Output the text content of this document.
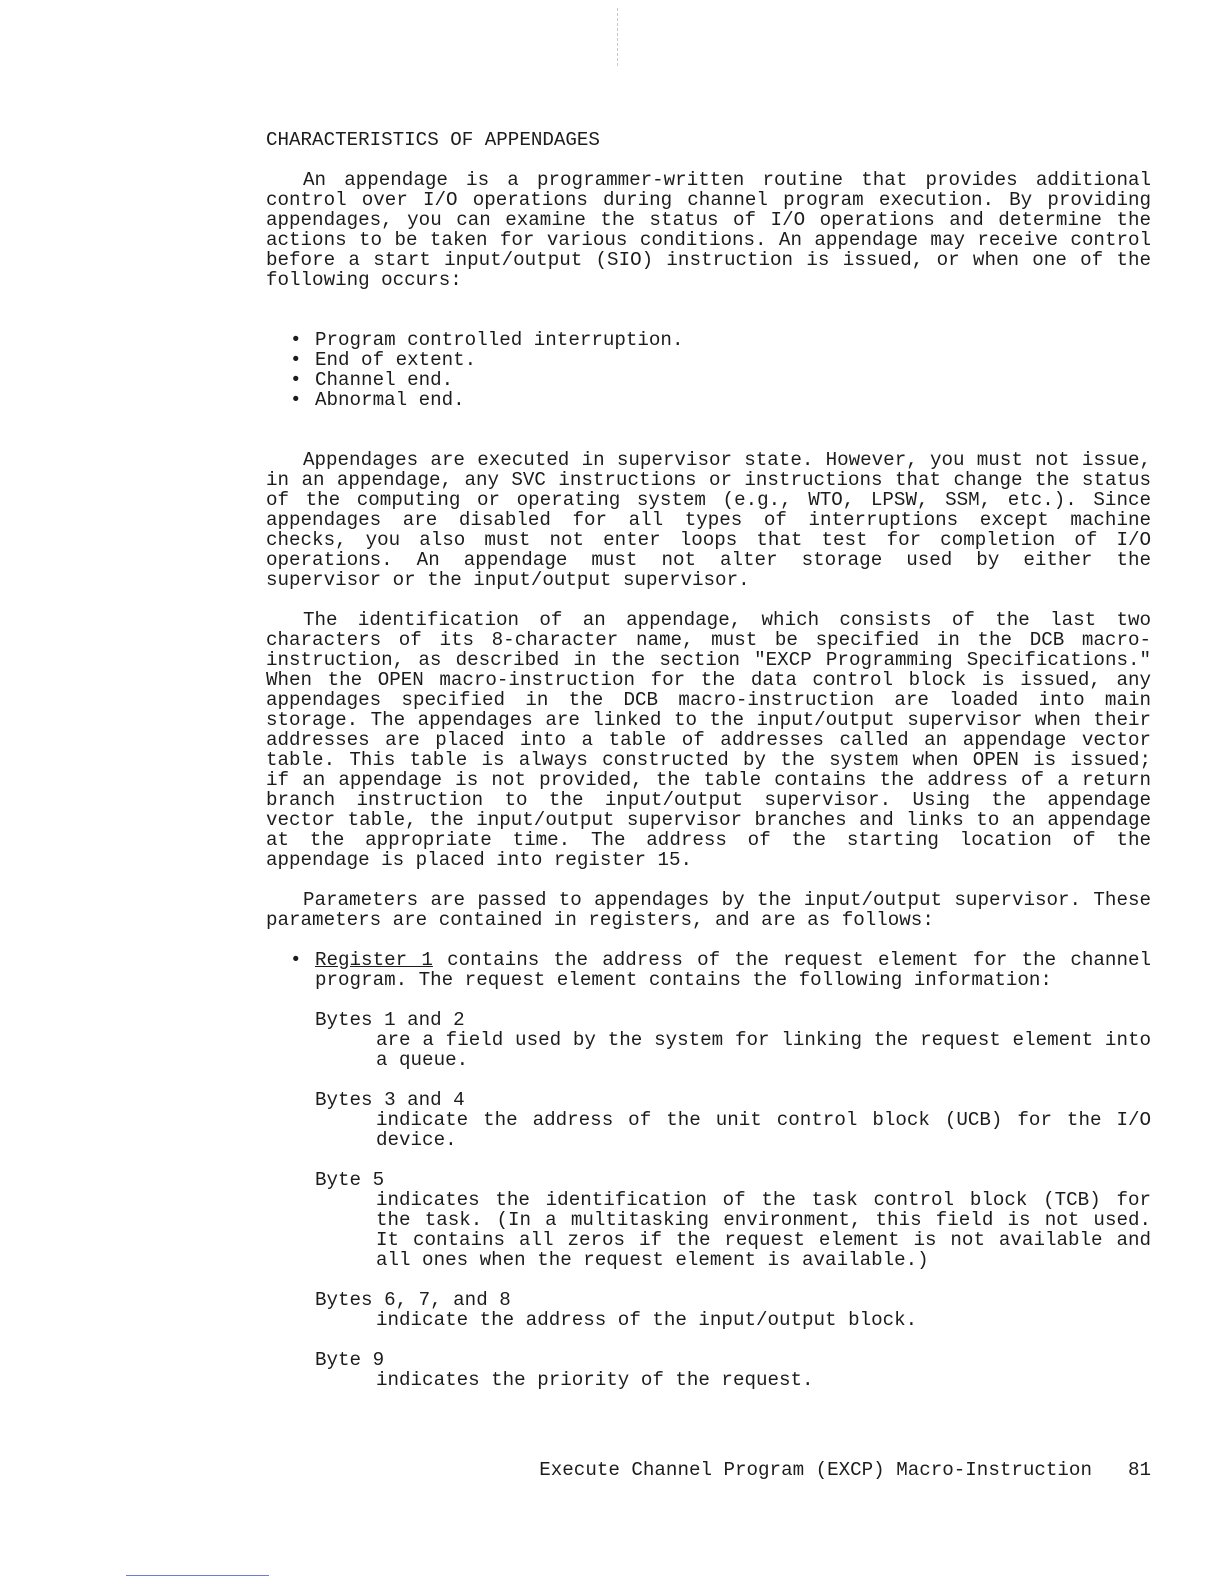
CHARACTERISTICS OF APPENDAGES

An appendage is a programmer-written routine that provides additional control over I/O operations during channel program execution. By providing appendages, you can examine the status of I/O operations and determine the actions to be taken for various conditions. An appendage may receive control before a start input/output (SIO) instruction is issued, or when one of the following occurs:

• Program controlled interruption.
• End of extent.
• Channel end.
• Abnormal end.

Appendages are executed in supervisor state. However, you must not issue, in an appendage, any SVC instructions or instructions that change the status of the computing or operating system (e.g., WTO, LPSW, SSM, etc.). Since appendages are disabled for all types of interruptions except machine checks, you also must not enter loops that test for completion of I/O operations. An appendage must not alter storage used by either the supervisor or the input/output supervisor.

The identification of an appendage, which consists of the last two characters of its 8-character name, must be specified in the DCB macro-instruction, as described in the section "EXCP Programming Specifications." When the OPEN macro-instruction for the data control block is issued, any appendages specified in the DCB macro-instruction are loaded into main storage. The appendages are linked to the input/output supervisor when their addresses are placed into a table of addresses called an appendage vector table. This table is always constructed by the system when OPEN is issued; if an appendage is not provided, the table contains the address of a return branch instruction to the input/output supervisor. Using the appendage vector table, the input/output supervisor branches and links to an appendage at the appropriate time. The address of the starting location of the appendage is placed into register 15.

Parameters are passed to appendages by the input/output supervisor. These parameters are contained in registers, and are as follows:

• Register 1 contains the address of the request element for the channel program. The request element contains the following information:
Bytes 1 and 2
are a field used by the system for linking the request element into a queue.
Bytes 3 and 4
indicate the address of the unit control block (UCB) for the I/O device.
Byte 5
indicates the identification of the task control block (TCB) for the task. (In a multitasking environment, this field is not used. It contains all zeros if the request element is not available and all ones when the request element is available.)
Bytes 6, 7, and 8
indicate the address of the input/output block.
Byte 9
indicates the priority of the request.
Execute Channel Program (EXCP) Macro-Instruction 81
